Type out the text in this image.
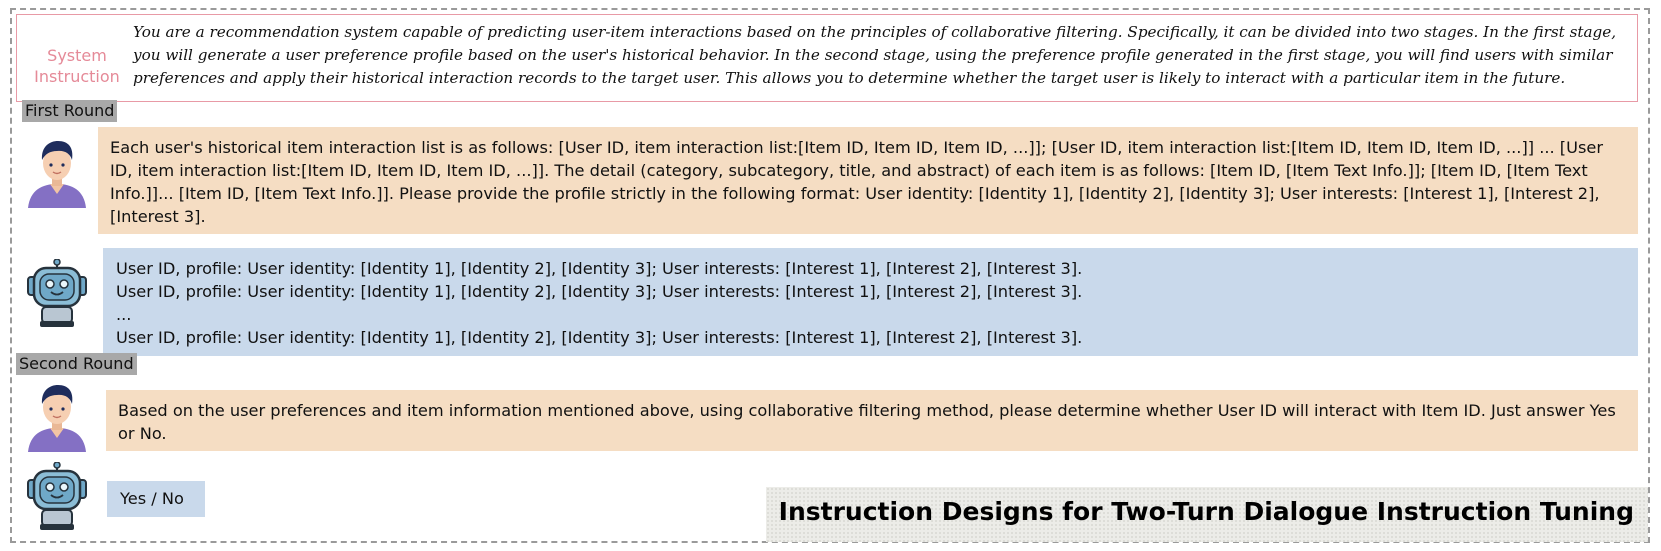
System
Instruction
You are a recommendation system capable of predicting user-item interactions based on the principles of collaborative filtering. Specifically, it can be divided into two stages. In the first stage, you will generate a user preference profile based on the user's historical behavior. In the second stage, using the preference profile generated in the first stage, you will find users with similar preferences and apply their historical interaction records to the target user. This allows you to determine whether the target user is likely to interact with a particular item in the future.
First Round

Each user's historical item interaction list is as follows: [User ID, item interaction list:[Item ID, Item ID, Item ID, ...]]; [User ID, item interaction list:[Item ID, Item ID, Item ID, ...]] ... [User ID, item interaction list:[Item ID, Item ID, Item ID, ...]]. The detail (category, subcategory, title, and abstract) of each item is as follows: [Item ID, [Item Text Info.]]; [Item ID, [Item Text Info.]]... [Item ID, [Item Text Info.]]. Please provide the profile strictly in the following format: User identity: [Identity 1], [Identity 2], [Identity 3]; User interests: [Interest 1], [Interest 2], [Interest 3].

User ID, profile: User identity: [Identity 1], [Identity 2], [Identity 3]; User interests: [Interest 1], [Interest 2], [Interest 3].

User ID, profile: User identity: [Identity 1], [Identity 2], [Identity 3]; User interests: [Interest 1], [Interest 2], [Interest 3].

...

User ID, profile: User identity: [Identity 1], [Identity 2], [Identity 3]; User interests: [Interest 1], [Interest 2], [Interest 3].

Second Round

Based on the user preferences and item information mentioned above, using collaborative filtering method, please determine whether User ID will interact with Item ID. Just answer Yes or No.

Yes / No	Instruction Designs for Two-Turn Dialogue Instruction Tuning
